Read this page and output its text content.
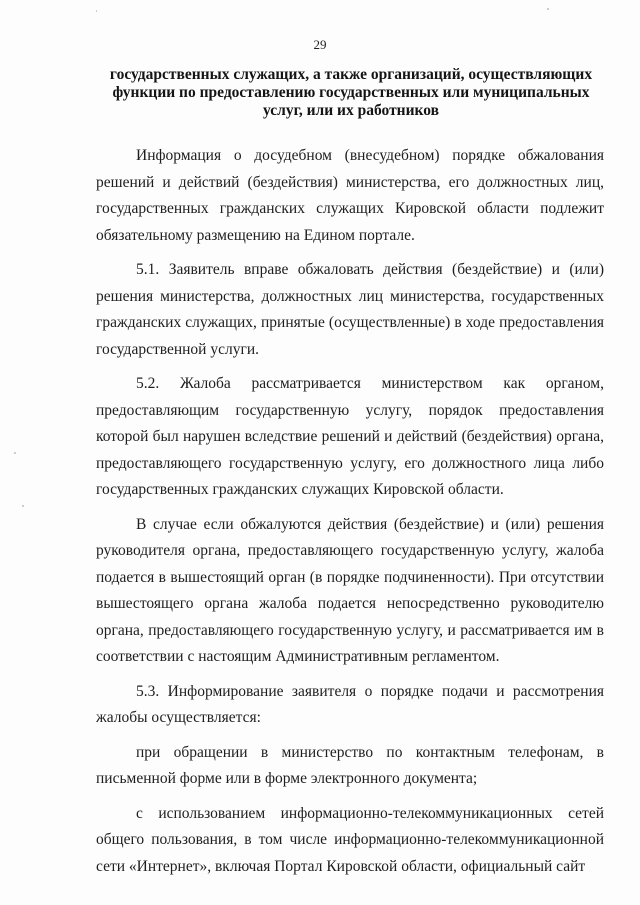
29
государственных служащих, а также организаций, осуществляющих
функции по предоставлению государственных или муниципальных
услуг, или их работников

Информация о досудебном (внесудебном) порядке обжалования решений и действий (бездействия) министерства, его должностных лиц, государственных гражданских служащих Кировской области подлежит обязательному размещению на Едином портале.

5.1. Заявитель вправе обжаловать действия (бездействие) и (или) решения министерства, должностных лиц министерства, государственных гражданских служащих, принятые (осуществленные) в ходе предоставления государственной услуги.

5.2. Жалоба рассматривается министерством как органом, предоставляющим государственную услугу, порядок предоставления которой был нарушен вследствие решений и действий (бездействия) органа, предоставляющего государственную услугу, его должностного лица либо государственных гражданских служащих Кировской области.

В случае если обжалуются действия (бездействие) и (или) решения руководителя органа, предоставляющего государственную услугу, жалоба подается в вышестоящий орган (в порядке подчиненности). При отсутствии вышестоящего органа жалоба подается непосредственно руководителю органа, предоставляющего государственную услугу, и рассматривается им в соответствии с настоящим Административным регламентом.

5.3. Информирование заявителя о порядке подачи и рассмотрения жалобы осуществляется:

при обращении в министерство по контактным телефонам, в письменной форме или в форме электронного документа;

с использованием информационно-телекоммуникационных сетей общего пользования, в том числе информационно-телекоммуникационной сети «Интернет», включая Портал Кировской области, официальный сайт
